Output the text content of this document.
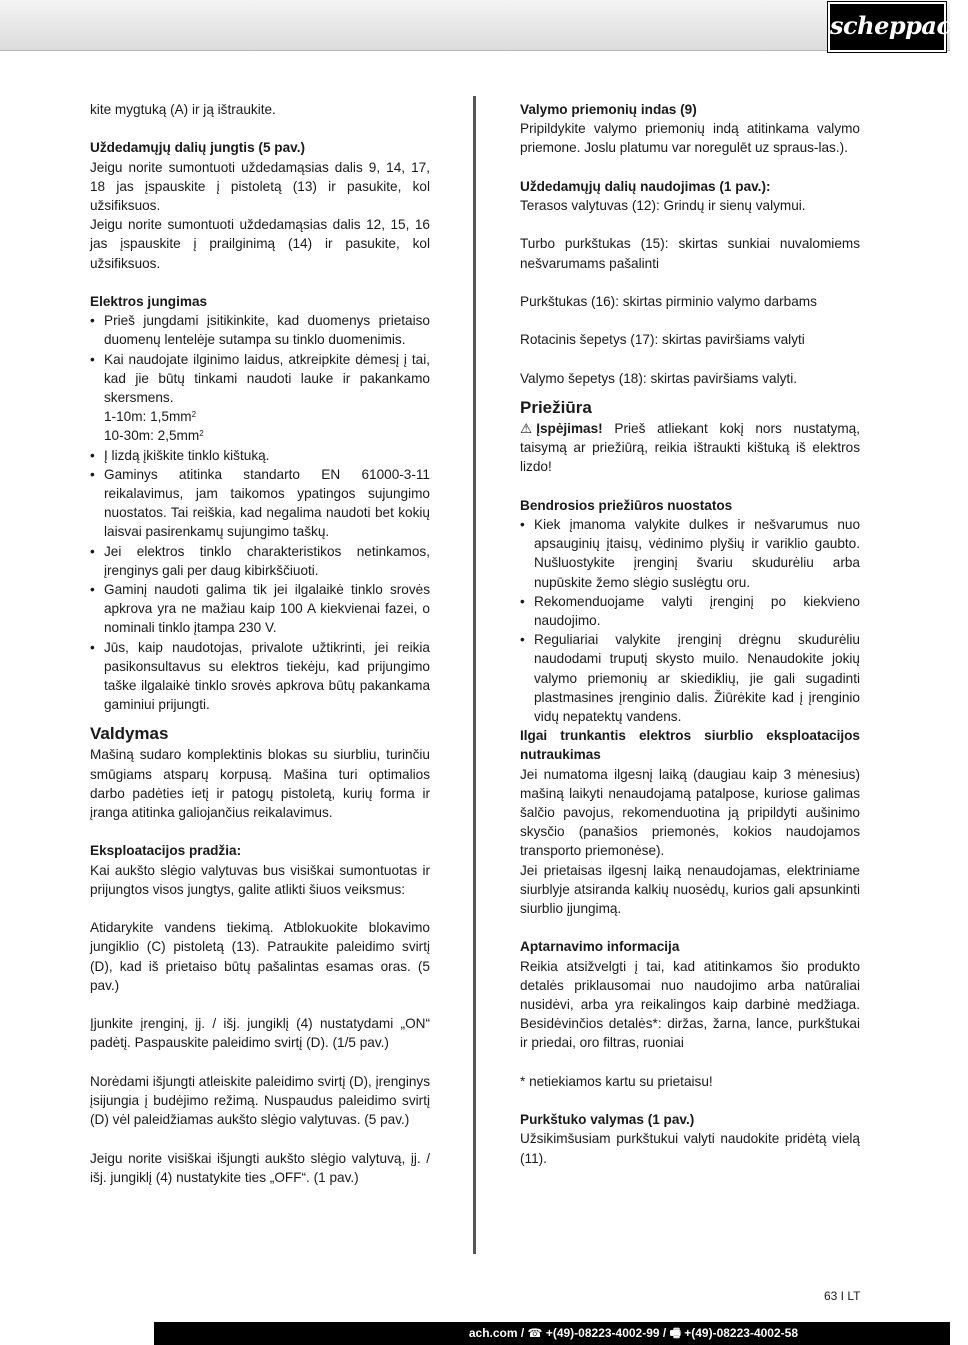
scheppach

kite mygtuką (A) ir ją ištraukite.

Uždedamųjų dalių jungtis (5 pav.)

Jeigu norite sumontuoti uždedamąsias dalis 9, 14, 17, 18 jas įspauskite į pistoletą (13) ir pasukite, kol užsifiksuos.

Jeigu norite sumontuoti uždedamąsias dalis 12, 15, 16 jas įspauskite į prailginimą (14) ir pasukite, kol užsifiksuos.

Elektros jungimas

• Prieš jungdami įsitikinkite, kad duomenys prietaiso duomenų lentelėje sutampa su tinklo duomenimis.
• Kai naudojate ilginimo laidus, atkreipkite dėmesį į tai, kad jie būtų tinkami naudoti lauke ir pakankamo skersmens.
1-10m: $1,5mm^2$
10-30m: $2,5mm^2$
• Į lizdą įkiškite tinklo kištuką.
• Gaminys atitinka standarto EN 61000-3-11 reikalavimus, jam taikomos ypatingos sujungimo nuostatos. Tai reiškia, kad negalima naudoti bet kokių laisvai pasirenkamų sujungimo taškų.
• Jei elektros tinklo charakteristikos netinkamos, įrenginys gali per daug kibirkščiuoti.
• Gaminį naudoti galima tik jei ilgalaikė tinklo srovės apkrova yra ne mažiau kaip 100 A kiekvienai fazei, o nominali tinklo įtampa 230 V.
• Jūs, kaip naudotojas, privalote užtikrinti, jei reikia pasikonsultavus su elektros tiekėju, kad prijungimo taške ilgalaikė tinklo srovės apkrova būtų pakankama gaminiui prijungti.

Valdymas

Mašiną sudaro komplektinis blokas su siurbliu, turinčiu smūgiams atsparų korpusą. Mašina turi optimalios darbo padėties ietį ir patogų pistoletą, kurių forma ir įranga atitinka galiojančius reikalavimus.

Eksploatacijos pradžia:

Kai aukšto slėgio valytuvas bus visiškai sumontuotas ir prijungtos visos jungtys, galite atlikti šiuos veiksmus:

Atidarykite vandens tiekimą. Atblokuokite blokavimo jungiklio (C) pistoletą (13). Patraukite paleidimo svirtį (D), kad iš prietaiso būtų pašalintas esamas oras. (5 pav.)

Įjunkite įrenginį, įj. / išj. jungiklį (4) nustatydami „ON“ padėtį. Paspauskite paleidimo svirtį (D). (1/5 pav.)

Norėdami išjungti atleiskite paleidimo svirtį (D), įrenginys įsijungia į budėjimo režimą. Nuspaudus paleidimo svirtį (D) vėl paleidžiamas aukšto slėgio valytuvas. (5 pav.)

Jeigu norite visiškai išjungti aukšto slėgio valytuvą, įj. / išj. jungiklį (4) nustatykite ties „OFF“. (1 pav.)

Valymo priemonių indas (9)

Pripildykite valymo priemonių indą atitinkama valymo priemone. Joslu platumu var noregulēt uz spraus-las.).

Uždedamųjų dalių naudojimas (1 pav.):

Terasos valytuvas (12): Grindų ir sienų valymui.

Turbo purkštukas (15): skirtas sunkiai nuvalomiems nešvarumams pašalinti

Purkštukas (16): skirtas pirminio valymo darbams

Rotacinis šepetys (17): skirtas paviršiams valyti

Valymo šepetys (18): skirtas paviršiams valyti.

Priežiūra

⚠ Įspėjimas! Prieš atliekant kokį nors nustatymą, taisymą ar priežiūrą, reikia ištraukti kištuką iš elektros lizdo!

Bendrosios priežiūros nuostatos

• Kiek įmanoma valykite dulkes ir nešvarumus nuo apsauginių įtaisų, vėdinimo plyšių ir variklio gaubto. Nušluostykite įrenginį švariu skudurėliu arba nupūskite žemo slėgio suslėgtu oru.
• Rekomenduojame valyti įrenginį po kiekvieno naudojimo.
• Reguliariai valykite įrenginį drėgnu skudurėliu naudodami truputį skysto muilo. Nenaudokite jokių valymo priemonių ar skiediklių, jie gali sugadinti plastmasines įrenginio dalis. Žiūrėkite kad į įrenginio vidų nepatektų vandens.

Ilgai trunkantis elektros siurblio eksploatacijos nutraukimas

Jei numatoma ilgesnį laiką (daugiau kaip 3 mėnesius) mašiną laikyti nenaudojamą patalpose, kuriose galimas šalčio pavojus, rekomenduotina ją pripildyti aušinimo skysčio (panašios priemonės, kokios naudojamos transporto priemonėse).

Jei prietaisas ilgesnį laiką nenaudojamas, elektriniame siurblyje atsiranda kalkių nuosėdų, kurios gali apsunkinti siurblio įjungimą.

Aptarnavimo informacija

Reikia atsižvelgti į tai, kad atitinkamos šio produkto detalės priklausomai nuo naudojimo arba natūraliai nusidėvi, arba yra reikalingos kaip darbinė medžiaga. Besidėvinčios detalės*: diržas, žarna, lance, purkštukai ir priedai, oro filtras, ruoniai

* netiekiamos kartu su prietaisu!

Purkštuko valymas (1 pav.)

Užsikimšusiam purkštukui valyti naudokite pridėtą vielą (11).

63 I LT
ach.com / ☎ +(49)-08223-4002-99 / 🖷 +(49)-08223-4002-58
